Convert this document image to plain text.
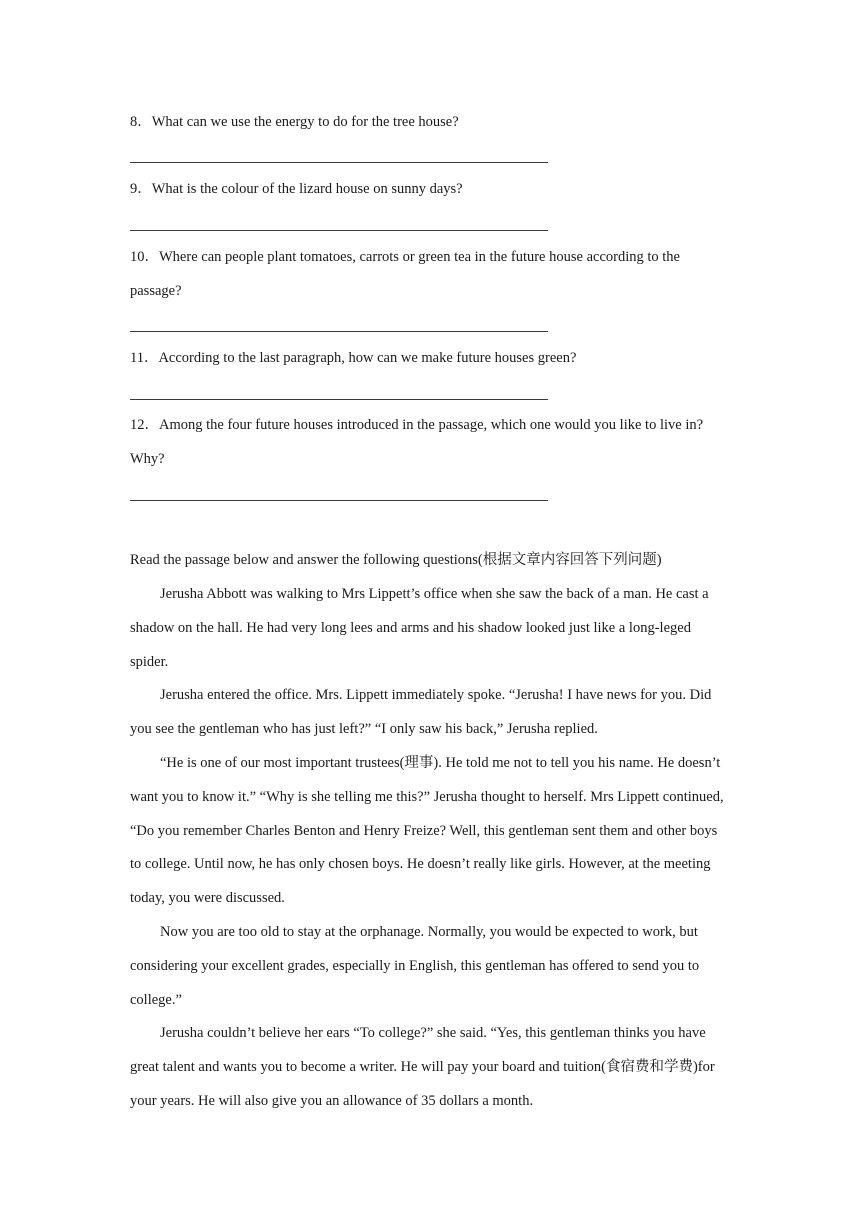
8．What can we use the energy to do for the tree house?

9．What is the colour of the lizard house on sunny days?

10．Where can people plant tomatoes, carrots or green tea in the future house according to the passage?

11．According to the last paragraph, how can we make future houses green?

12．Among the four future houses introduced in the passage, which one would you like to live in? Why?

Read the passage below and answer the following questions(根据文章内容回答下列问题)

Jerusha Abbott was walking to Mrs Lippett’s office when she saw the back of a man. He cast a shadow on the hall. He had very long lees and arms and his shadow looked just like a long-leged spider.

Jerusha entered the office. Mrs. Lippett immediately spoke. “Jerusha! I have news for you. Did you see the gentleman who has just left?” “I only saw his back,” Jerusha replied.

“He is one of our most important trustees(理事). He told me not to tell you his name. He doesn’t want you to know it.” “Why is she telling me this?” Jerusha thought to herself. Mrs Lippett continued, “Do you remember Charles Benton and Henry Freize? Well, this gentleman sent them and other boys to college. Until now, he has only chosen boys. He doesn’t really like girls. However, at the meeting today, you were discussed.

Now you are too old to stay at the orphanage. Normally, you would be expected to work, but considering your excellent grades, especially in English, this gentleman has offered to send you to college.”

Jerusha couldn’t believe her ears “To college?” she said. “Yes, this gentleman thinks you have great talent and wants you to become a writer. He will pay your board and tuition(食宿费和学费)for your years. He will also give you an allowance of 35 dollars a month.
